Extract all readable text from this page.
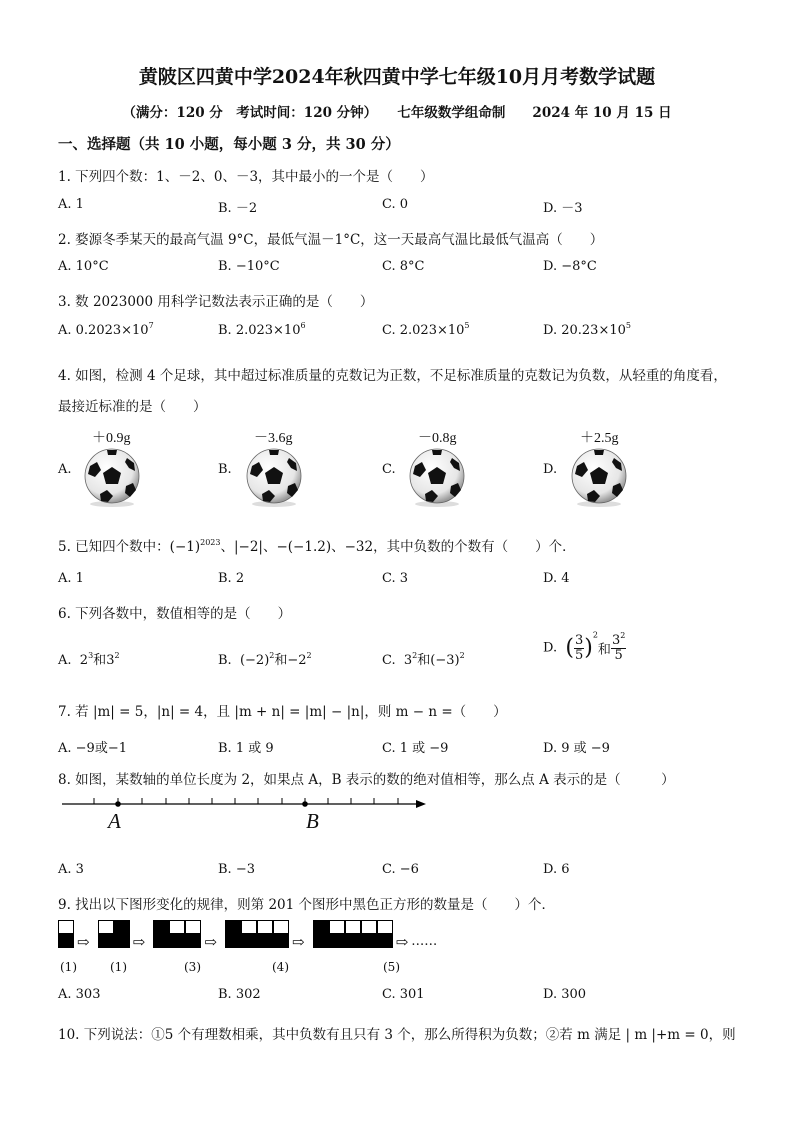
黄陂区四黄中学2024年秋四黄中学七年级10月月考数学试题
（满分：120 分　考试时间：120 分钟）　　七年级数学组命制　　2024 年 10 月 15 日
一、选择题（共 10 小题，每小题 3 分，共 30 分）
1. 下列四个数：1、－2、0、－3，其中最小的一个是（　　）
A. 1	B. －2	C. 0	D. －3
2. 婺源冬季某天的最高气温 9°C，最低气温－1°C，这一天最高气温比最低气温高（　　）
A. 10°C	B. −10°C	C. 8°C	D. −8°C
3. 数 2023000 用科学记数法表示正确的是（　　）
A. $0.2023\times 10^7$	B. $2.023\times 10^6$	C. $2.023\times 10^5$	D. $20.23\times 10^5$
4. 如图，检测 4 个足球，其中超过标准质量的克数记为正数，不足标准质量的克数记为负数，从轻重的角度看，
最接近标准的是（　　）
＋0.9g	－3.6g	－0.8g	＋2.5g
A.	B.	C.	D.
5. 已知四个数中：$(-1)^{2023}$、|−2|、−(−1.2)、−32，其中负数的个数有（　　）个．
A. 1	B. 2	C. 3	D. 4
6. 下列各数中，数值相等的是（　　）
A. $2^3$和$3^2$	B. $(-2)^2$和$-2^2$	C. $3^2$和$(-3)^2$	D. ( $\frac{3}{5} )^2$和 $\frac{3^2}{5}$
7. 若 |m| = 5，|n| = 4，且 |m + n| = |m| − |n|，则 m − n =（　　）
A. −9或−1	B. 1 或 9	C. 1 或 −9	D. 9 或 −9
8. 如图，某数轴的单位长度为 2，如果点 A，B 表示的数的绝对值相等，那么点 A 表示的是（　　　）
A	B
A. 3	B. −3	C. −6	D. 6
9. 找出以下图形变化的规律，则第 201 个图形中黑色正方形的数量是（　　）个．
⇨	⇨	⇨	⇨	⇨ ……
(1)	(1)	(3)	(4)	(5)
A. 303	B. 302	C. 301	D. 300
10. 下列说法：①5 个有理数相乘，其中负数有且只有 3 个，那么所得积为负数；②若 m 满足 | m |+m = 0，则
